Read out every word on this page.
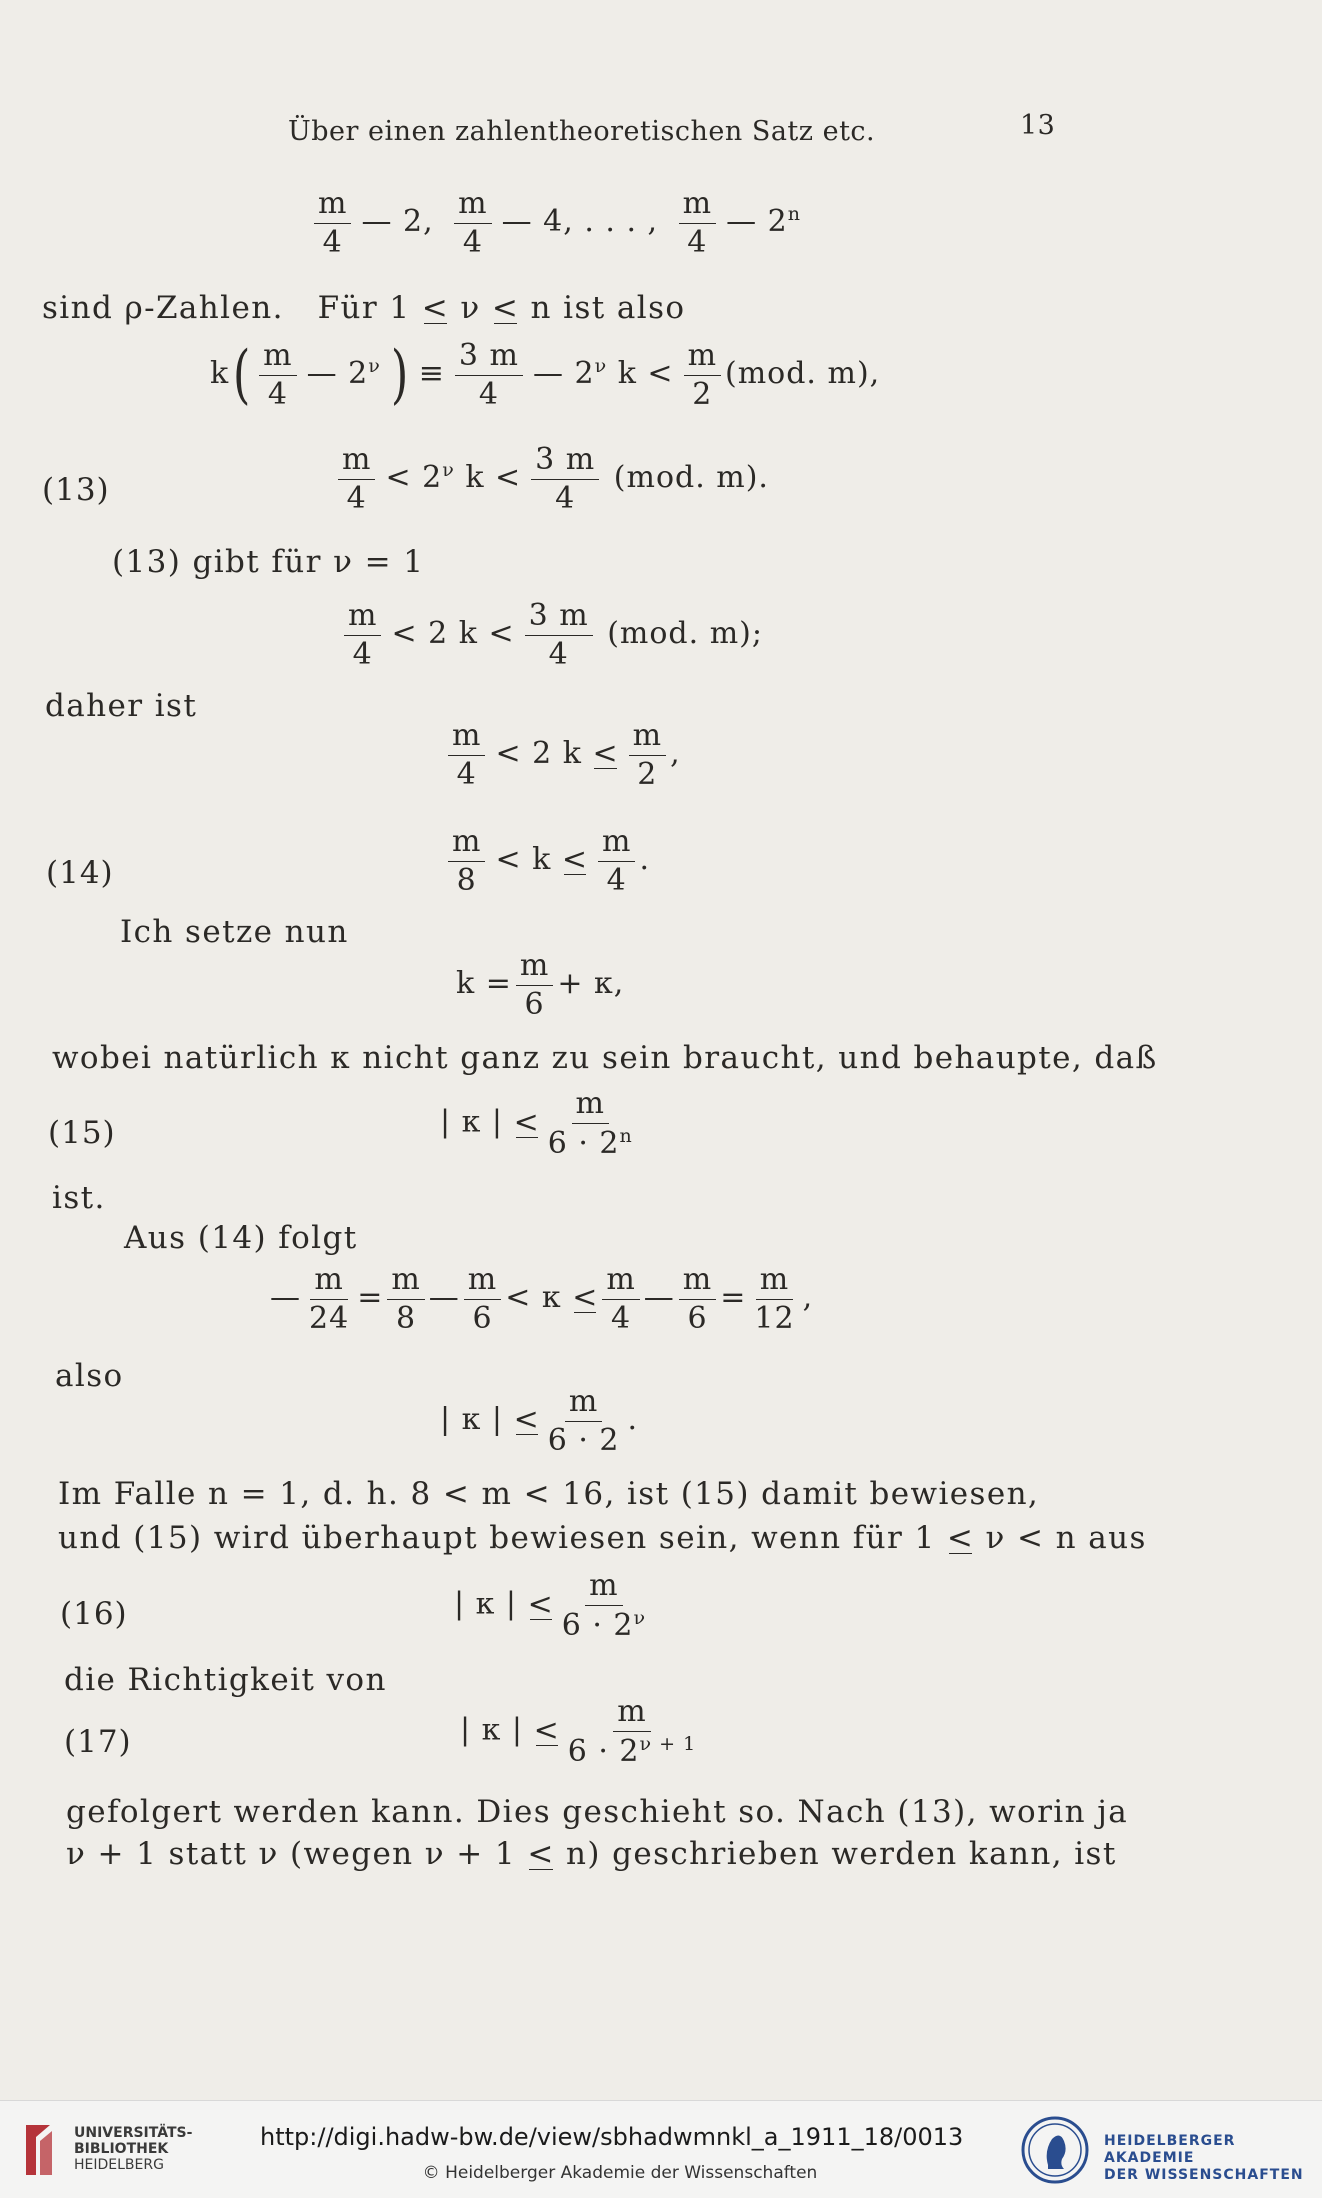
Über einen zahlentheoretischen Satz etc.	13
$\frac{m}{4}$ — 2, $\frac{m}{4}$ — 4, . . . , $\frac{m}{4}$ — 2$^n$
sind ρ-Zahlen. Für 1 < ν < n ist also
$k( \frac{m}{4}$ — $2^\nu$ ) ≡ $\frac{3 m}{4}$ — $2^\nu$ $k < \frac{m}{2} (mod$. m),
(13)	$\frac{m}{4} < 2^\nu$ $k < \frac{3 m}{4} (mod$. m).
(13) gibt für ν = 1
$\frac{m}{4} < 2$ $k < \frac{3 m}{4} (mod$. m);
daher ist
$\frac{m}{4} < 2$ $k < \frac{m}{2}$ ,
(14)	$\frac{m}{8} < k < \frac{m}{4}$ .
Ich setze nun
$k = \frac{m}{6} + \kappa$,
wobei natürlich κ nicht ganz zu sein braucht, und behaupte, daß
(15)	| κ | < $\frac{m}{6 \cdot 2^n}$
ist.
Aus (14) folgt
— $\frac{m}{24} = \frac{m}{8}$ — $\frac{m}{6} < \kappa < \frac{m}{4}$ — $\frac{m}{6} = \frac{m}{12}$ ,
also
| κ | < $\frac{m}{6 \cdot 2}$ .
Im Falle n = 1, d. h. 8 < m < 16, ist (15) damit bewiesen,
und (15) wird überhaupt bewiesen sein, wenn für 1 < ν < n aus
(16)	| κ | < $\frac{m}{6 \cdot 2^\nu}$
die Richtigkeit von
(17)	| κ | < $\frac{m}{6 \cdot 2^{\nu + 1}}$
gefolgert werden kann. Dies geschieht so. Nach (13), worin ja
ν + 1 statt ν (wegen ν + 1 < n) geschrieben werden kann, ist
UNIVERSITÄTS-
BIBLIOTHEK
HEIDELBERG
http://digi.hadw-bw.de/view/sbhadwmnkl_a_1911_18/0013
© Heidelberger Akademie der Wissenschaften
HEIDELBERGER AKADEMIE
DER WISSENSCHAFTEN
